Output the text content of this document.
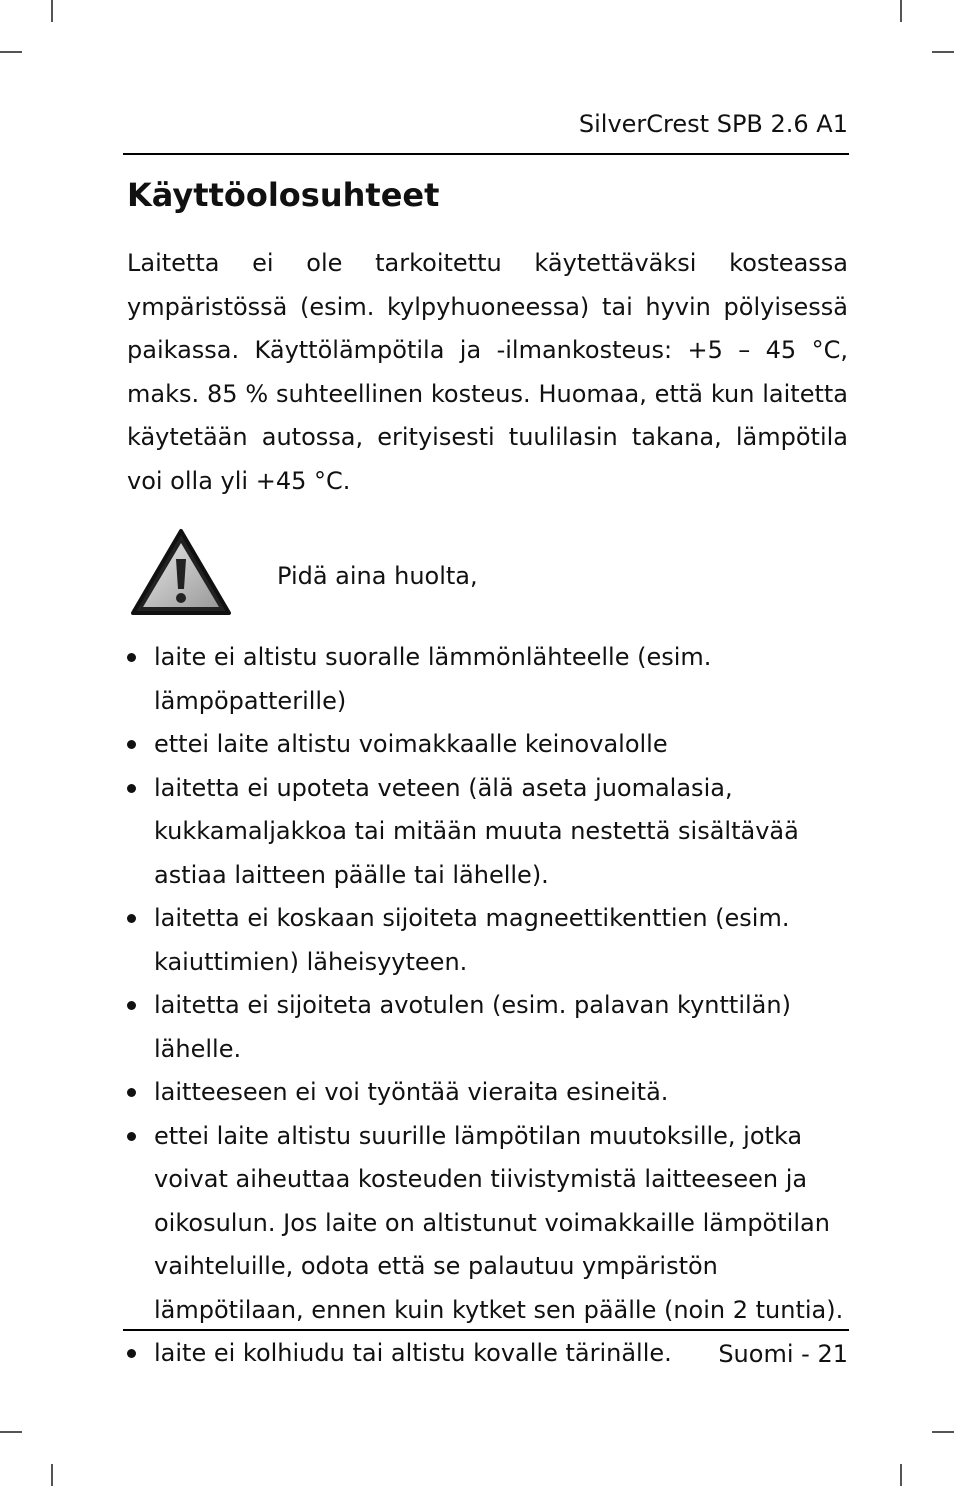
SilverCrest SPB 2.6 A1
Käyttöolosuhteet

Laitetta ei ole tarkoitettu käytettäväksi kosteassa ympäristössä (esim. kylpyhuoneessa) tai hyvin pölyisessä paikassa. Käyttölämpötila ja -ilmankosteus: +5 – 45 °C, maks. 85 % suhteellinen kosteus. Huomaa, että kun laitetta käytetään autossa, erityisesti tuulilasin takana, lämpötila voi olla yli +45 °C.

Pidä aina huolta,
laite ei altistu suoralle lämmönlähteelle (esim. lämpöpatterille)
ettei laite altistu voimakkaalle keinovalolle
laitetta ei upoteta veteen (älä aseta juomalasia, kukkamaljakkoa tai mitään muuta nestettä sisältävää astiaa laitteen päälle tai lähelle).
laitetta ei koskaan sijoiteta magneettikenttien (esim. kaiuttimien) läheisyyteen.
laitetta ei sijoiteta avotulen (esim. palavan kynttilän) lähelle.
laitteeseen ei voi työntää vieraita esineitä.
ettei laite altistu suurille lämpötilan muutoksille, jotka voivat aiheuttaa kosteuden tiivistymistä laitteeseen ja oikosulun. Jos laite on altistunut voimakkaille lämpötilan vaihteluille, odota että se palautuu ympäristön lämpötilaan, ennen kuin kytket sen päälle (noin 2 tuntia).
laite ei kolhiudu tai altistu kovalle tärinälle.	Suomi - 21
